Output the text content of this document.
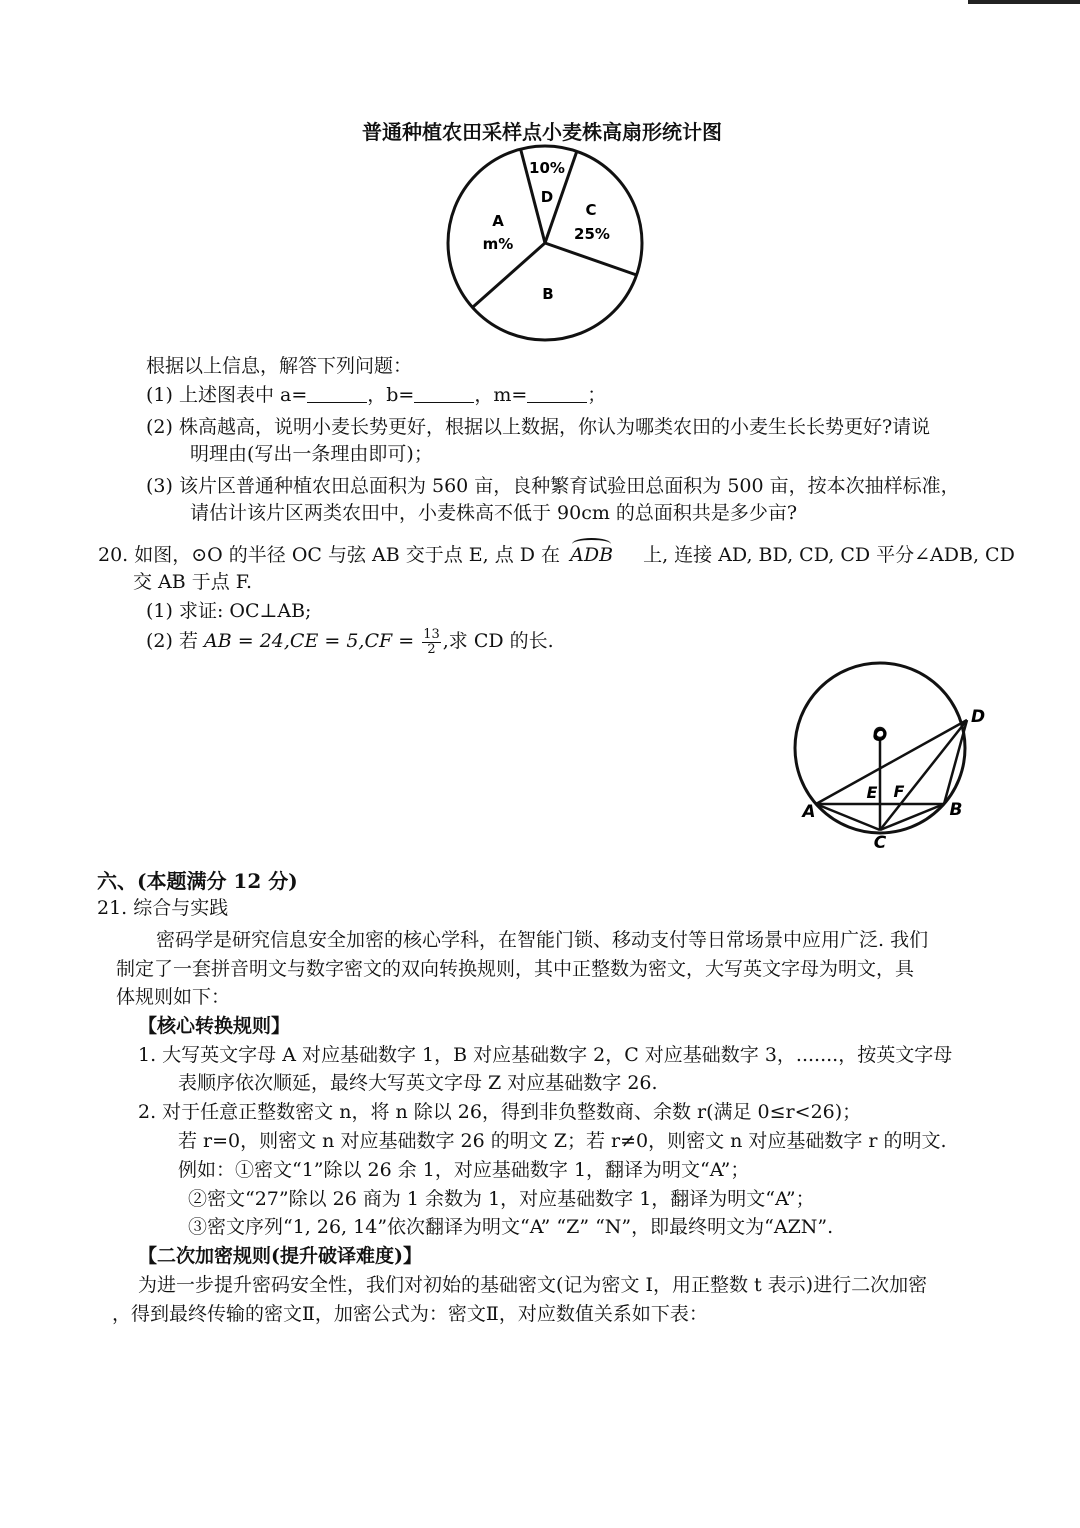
普通种植农田采样点小麦株高扇形统计图
10%
D
C
25%
B
A
m%
根据以上信息，解答下列问题：
(1) 上述图表中 a=	，b=	，m=	；
(2) 株高越高，说明小麦长势更好，根据以上数据，你认为哪类农田的小麦生长长势更好?请说
明理由(写出一条理由即可)；
(3) 该片区普通种植农田总面积为 560 亩，良种繁育试验田总面积为 500 亩，按本次抽样标准，
请估计该片区两类农田中，小麦株高不低于 90cm 的总面积共是多少亩?
20. 如图，⊙O 的半径 OC 与弦 AB 交于点 E, 点 D 在 ADB 上, 连接 AD, BD, CD, CD 平分∠ADB, CD
交 AB 于点 F.
(1) 求证: OC⊥AB;
(2) 若 AB = $24,CE = 5,CF = \frac{13}{2}$ ,求 CD 的长.
O
D
E F
A	B
C
六、(本题满分 12 分)
21. 综合与实践
密码学是研究信息安全加密的核心学科，在智能门锁、移动支付等日常场景中应用广泛. 我们
制定了一套拼音明文与数字密文的双向转换规则，其中正整数为密文，大写英文字母为明文，具
体规则如下：
【核心转换规则】
1. 大写英文字母 A 对应基础数字 1，B 对应基础数字 2，C 对应基础数字 3，.......，按英文字母
表顺序依次顺延，最终大写英文字母 Z 对应基础数字 26.
2. 对于任意正整数密文 n，将 n 除以 26，得到非负整数商、余数 r(满足 0≤r<26)；
若 r=0，则密文 n 对应基础数字 26 的明文 Z；若 r≠0，则密文 n 对应基础数字 r 的明文.
例如：①密文“1”除以 26 余 1，对应基础数字 1，翻译为明文“A”；
②密文“27”除以 26 商为 1 余数为 1，对应基础数字 1，翻译为明文“A”；
③密文序列“1, 26, 14”依次翻译为明文“A” “Z” “N”，即最终明文为“AZN”.
【二次加密规则(提升破译难度)】
为进一步提升密码安全性，我们对初始的基础密文(记为密文 I，用正整数 t 表示)进行二次加密
，得到最终传输的密文Ⅱ，加密公式为：密文Ⅱ，对应数值关系如下表：
